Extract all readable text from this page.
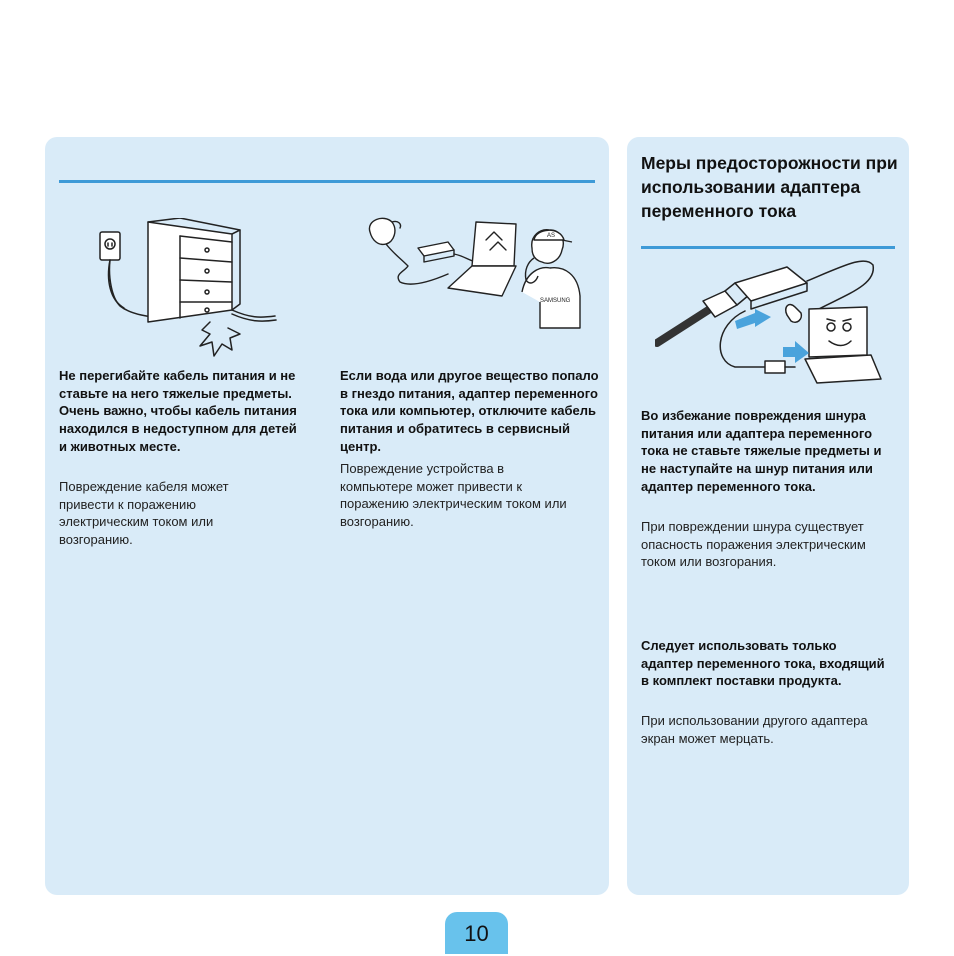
AS
SAMSUNG
Не перегибайте кабель питания и не ставьте на него тяжелые предметы. Очень важно, чтобы кабель питания находился в недоступном для детей и животных месте.
Повреждение кабеля может привести к поражению электрическим током или возгоранию.
Если вода или другое вещество попало в гнездо питания, адаптер переменного тока или компьютер, отключите кабель питания и обратитесь в сервисный центр.
Повреждение устройства в компьютере может привести к поражению электрическим током или возгоранию.
Меры предосторожности при использовании адаптера переменного тока
Во избежание повреждения шнура питания или адаптера переменного тока не ставьте тяжелые предметы и не наступайте на шнур питания или адаптер переменного тока.
При повреждении шнура существует опасность поражения электрическим током или возгорания.
Следует использовать только адаптер переменного тока, входящий в комплект поставки продукта.
При использовании другого адаптера экран может мерцать.
10
